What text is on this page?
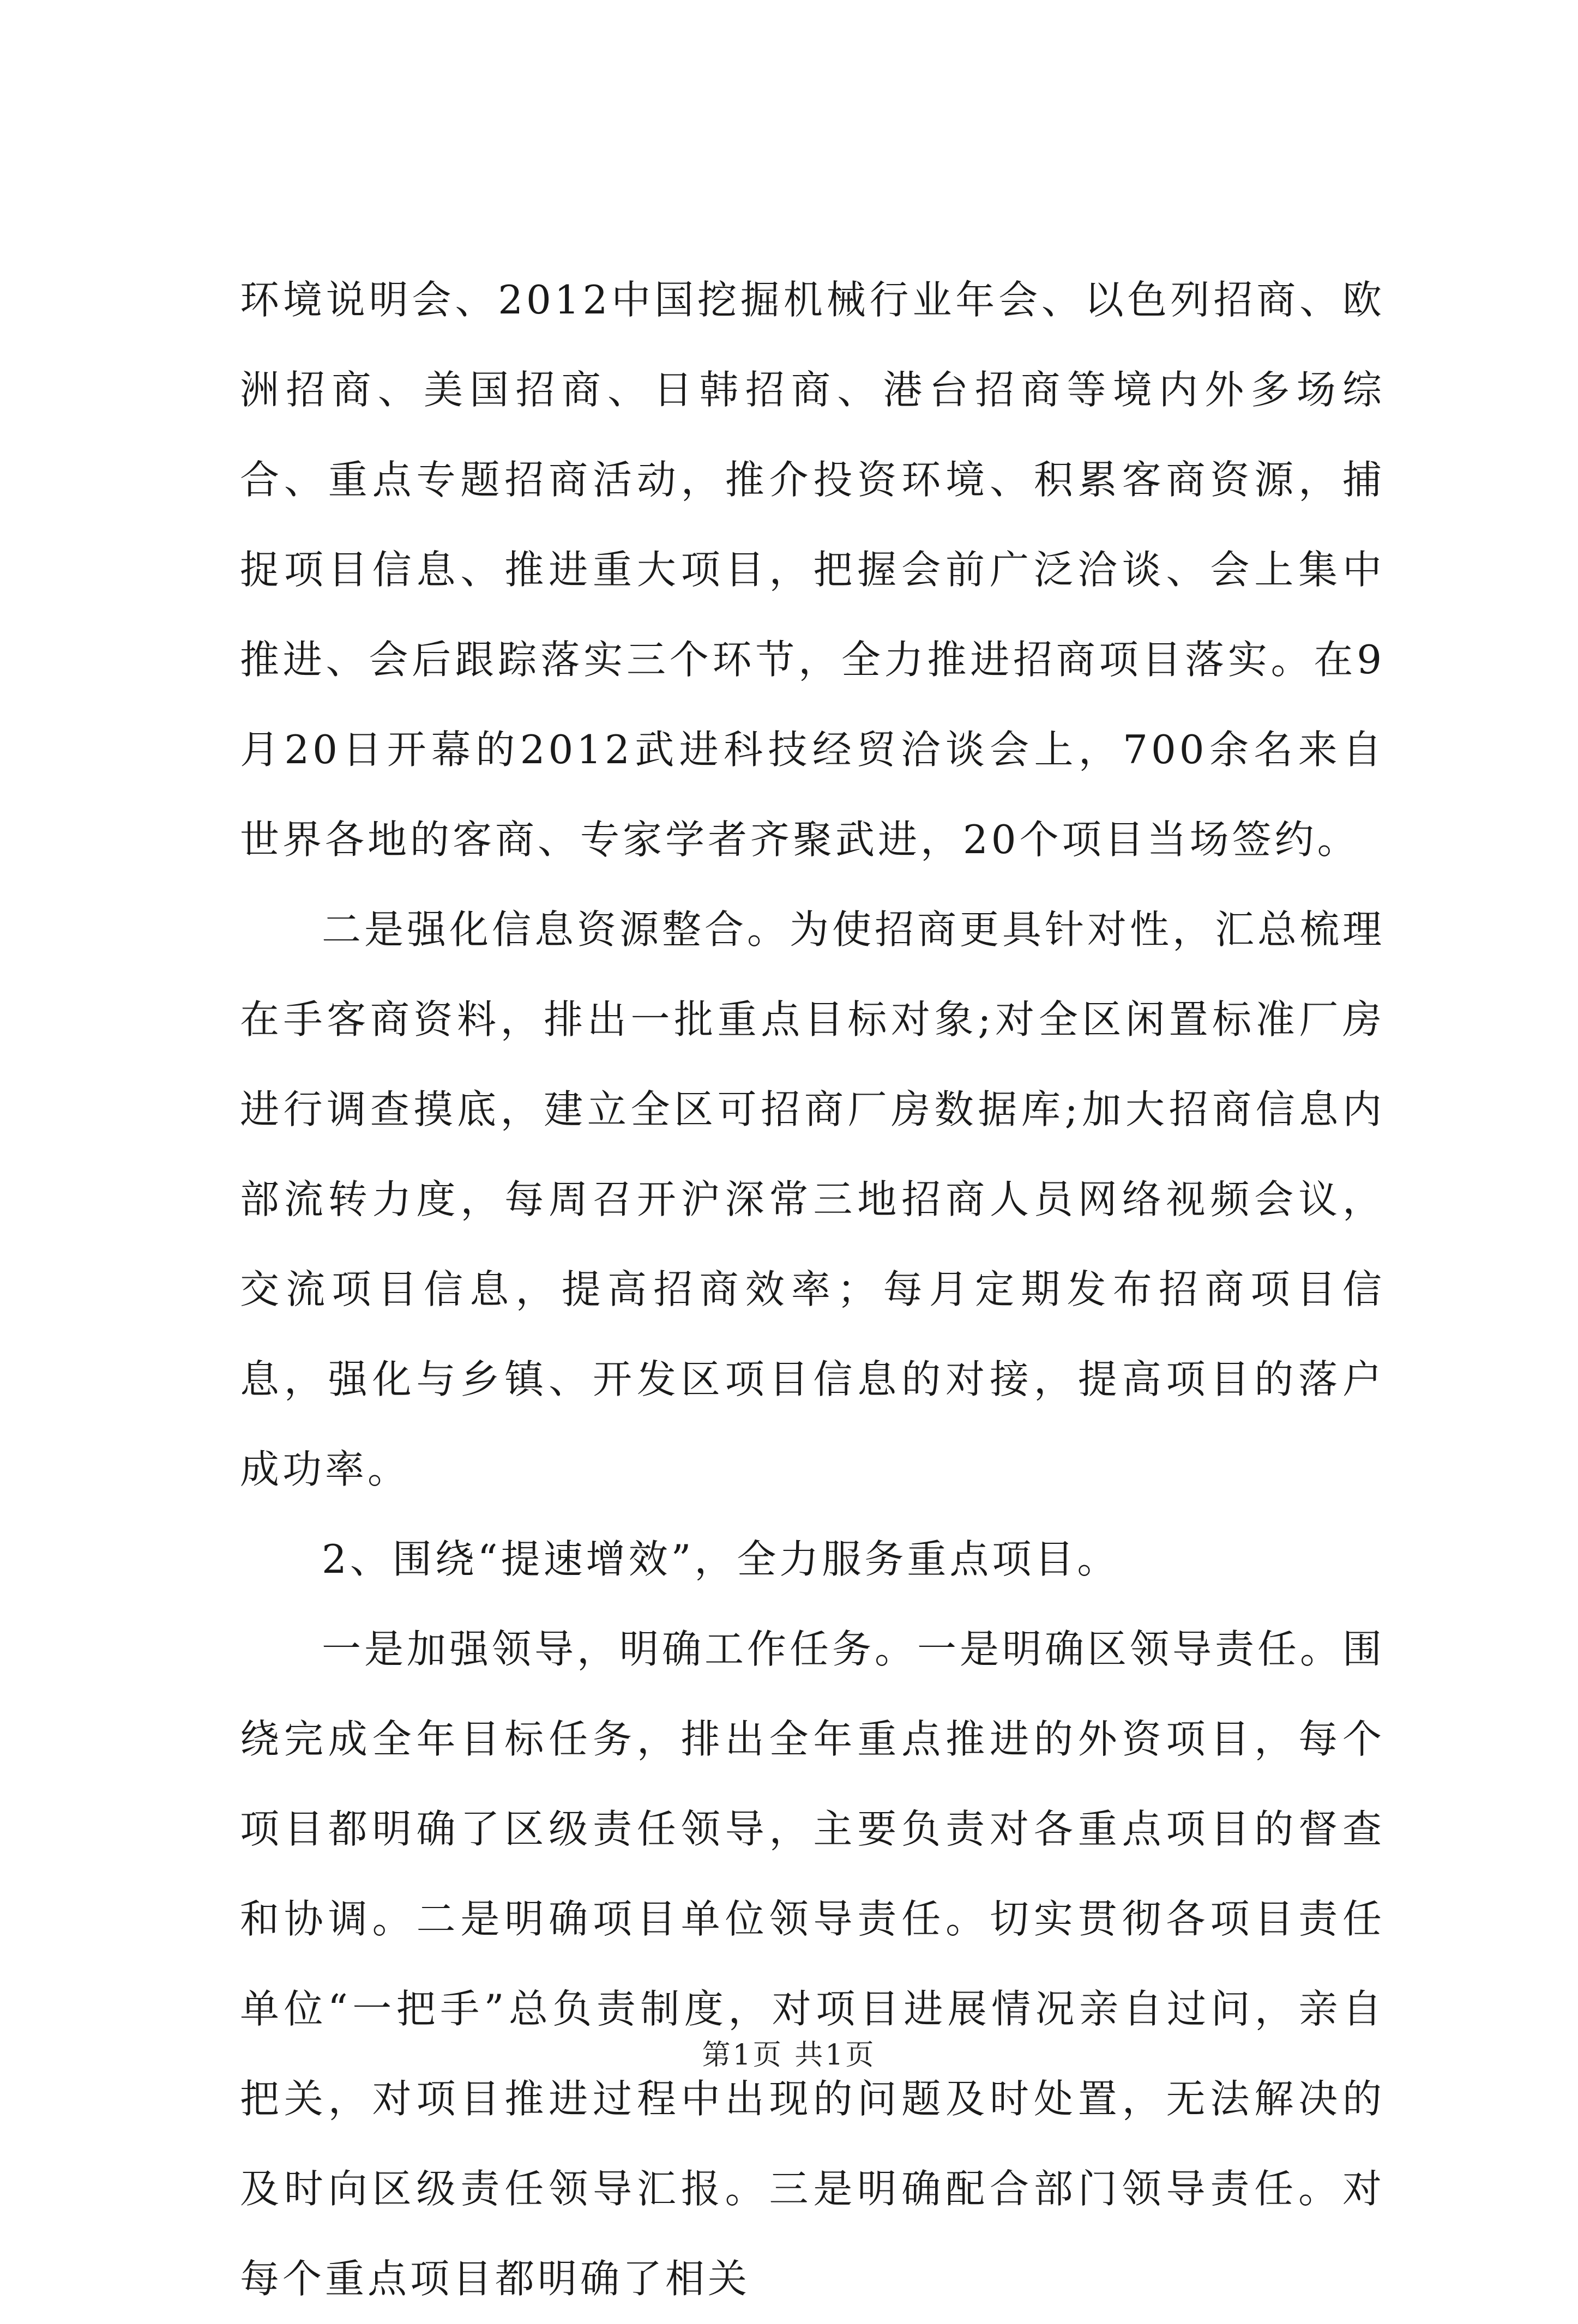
环境说明会、2012中国挖掘机械行业年会、以色列招商、欧洲招商、美国招商、日韩招商、港台招商等境内外多场综合、重点专题招商活动，推介投资环境、积累客商资源，捕捉项目信息、推进重大项目，把握会前广泛洽谈、会上集中推进、会后跟踪落实三个环节，全力推进招商项目落实。在9月20日开幕的2012武进科技经贸洽谈会上，700余名来自世界各地的客商、专家学者齐聚武进，20个项目当场签约。

二是强化信息资源整合。为使招商更具针对性，汇总梳理在手客商资料，排出一批重点目标对象;对全区闲置标准厂房进行调查摸底，建立全区可招商厂房数据库;加大招商信息内部流转力度，每周召开沪深常三地招商人员网络视频会议，交流项目信息，提高招商效率；每月定期发布招商项目信息，强化与乡镇、开发区项目信息的对接，提高项目的落户成功率。

2、围绕“提速增效”，全力服务重点项目。

一是加强领导，明确工作任务。一是明确区领导责任。围绕完成全年目标任务，排出全年重点推进的外资项目，每个项目都明确了区级责任领导，主要负责对各重点项目的督查和协调。二是明确项目单位领导责任。切实贯彻各项目责任单位“一把手”总负责制度，对项目进展情况亲自过问，亲自把关，对项目推进过程中出现的问题及时处置，无法解决的及时向区级责任领导汇报。三是明确配合部门领导责任。对每个重点项目都明确了相关

第1页 共1页
